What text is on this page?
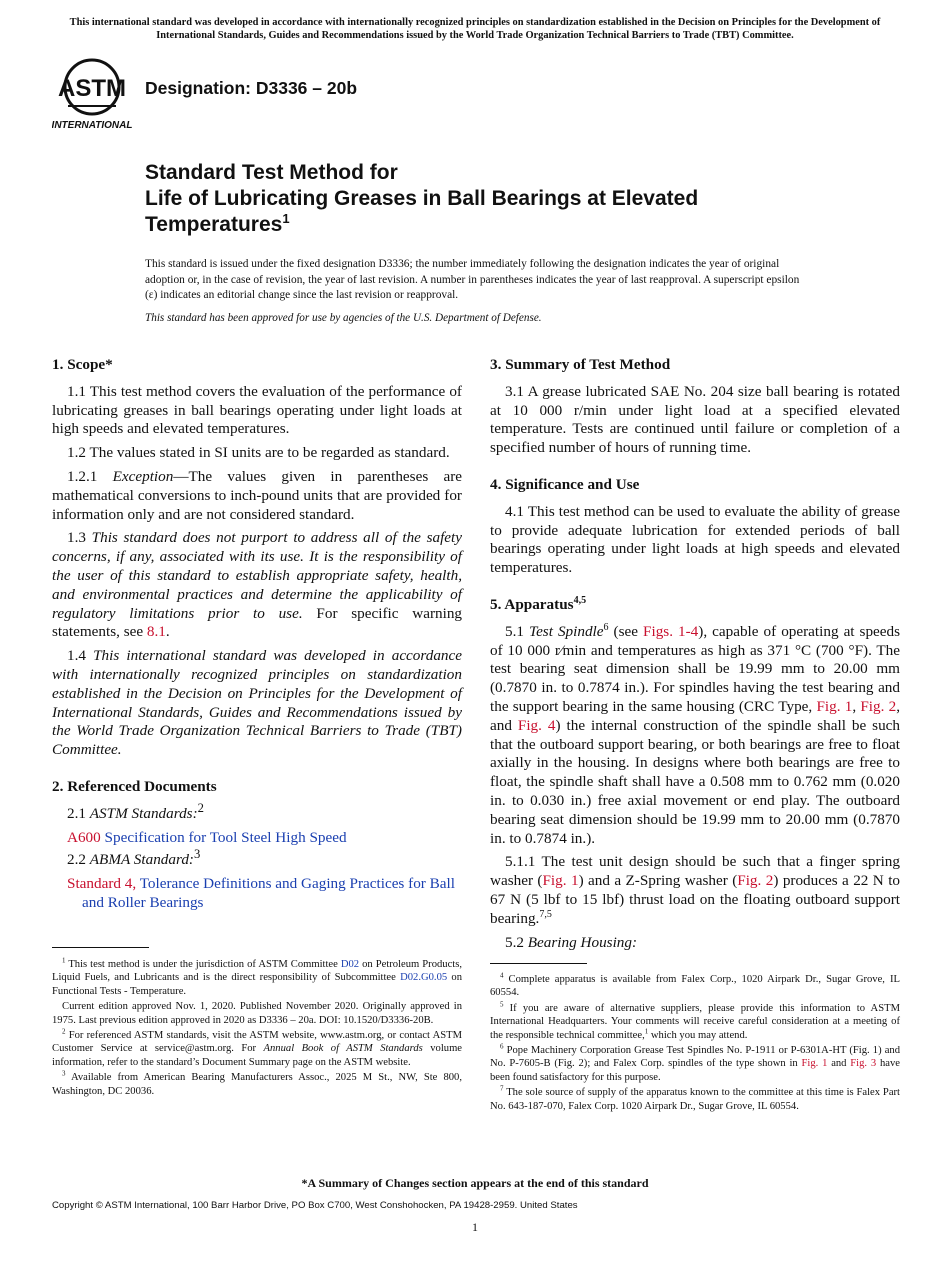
This international standard was developed in accordance with internationally recognized principles on standardization established in the Decision on Principles for the Development of International Standards, Guides and Recommendations issued by the World Trade Organization Technical Barriers to Trade (TBT) Committee.
ASTM
INTERNATIONAL
Designation: D3336 – 20b
Standard Test Method for
Life of Lubricating Greases in Ball Bearings at Elevated Temperatures$^1$
This standard is issued under the fixed designation D3336; the number immediately following the designation indicates the year of original adoption or, in the case of revision, the year of last revision. A number in parentheses indicates the year of last reapproval. A superscript epsilon (ε) indicates an editorial change since the last revision or reapproval.
This standard has been approved for use by agencies of the U.S. Department of Defense.
1. Scope*

1.1 This test method covers the evaluation of the performance of lubricating greases in ball bearings operating under light loads at high speeds and elevated temperatures.

1.2 The values stated in SI units are to be regarded as standard.

1.2.1 Exception—The values given in parentheses are mathematical conversions to inch-pound units that are provided for information only and are not considered standard.

1.3 This standard does not purport to address all of the safety concerns, if any, associated with its use. It is the responsibility of the user of this standard to establish appropriate safety, health, and environmental practices and determine the applicability of regulatory limitations prior to use. For specific warning statements, see 8.1.

1.4 This international standard was developed in accordance with internationally recognized principles on standardization established in the Decision on Principles for the Development of International Standards, Guides and Recommendations issued by the World Trade Organization Technical Barriers to Trade (TBT) Committee.

2. Referenced Documents

2.1 ASTM Standards:$^2$

A600 Specification for Tool Steel High Speed

2.2 ABMA Standard:$^3$

Standard 4, Tolerance Definitions and Gaging Practices for Ball and Roller Bearings

3. Summary of Test Method

3.1 A grease lubricated SAE No. 204 size ball bearing is rotated at 10 000 r/min under light load at a specified elevated temperature. Tests are continued until failure or completion of a specified number of hours of running time.

4. Significance and Use

4.1 This test method can be used to evaluate the ability of grease to provide adequate lubrication for extended periods of ball bearings operating under light loads at high speeds and elevated temperatures.

5. Apparatus$^{4,5}$

5.1 Test Spindle$^6$ (see Figs. 1-4), capable of operating at speeds of 10 000 r⁄min and temperatures as high as 371 °C (700 °F). The test bearing seat dimension shall be 19.99 mm to 20.00 mm (0.7870 in. to 0.7874 in.). For spindles having the test bearing and the support bearing in the same housing (CRC Type, Fig. 1, Fig. 2, and Fig. 4) the internal construction of the spindle shall be such that the outboard support bearing, or both bearings are free to float axially in the housing. In designs where both bearings are free to float, the spindle shaft shall have a 0.508 mm to 0.762 mm (0.020 in. to 0.030 in.) free axial movement or end play. The outboard bearing seat dimension should be 19.99 mm to 20.00 mm (0.7870 in. to 0.7874 in.).

5.1.1 The test unit design should be such that a finger spring washer (Fig. 1) and a Z-Spring washer (Fig. 2) produces a 22 N to 67 N (5 lbf to 15 lbf) thrust load on the floating outboard support bearing.$^{7,5}$

5.2 Bearing Housing:

$^1$ This test method is under the jurisdiction of ASTM Committee D02 on Petroleum Products, Liquid Fuels, and Lubricants and is the direct responsibility of Subcommittee D02.G0.05 on Functional Tests - Temperature.

Current edition approved Nov. 1, 2020. Published November 2020. Originally approved in 1975. Last previous edition approved in 2020 as D3336 – 20a. DOI: 10.1520/D3336-20B.

$^2$ For referenced ASTM standards, visit the ASTM website, www.astm.org, or contact ASTM Customer Service at service@astm.org. For Annual Book of ASTM Standards volume information, refer to the standard’s Document Summary page on the ASTM website.

$^3$ Available from American Bearing Manufacturers Assoc., 2025 M St., NW, Ste 800, Washington, DC 20036.

$^4$ Complete apparatus is available from Falex Corp., 1020 Airpark Dr., Sugar Grove, IL 60554.

$^5$ If you are aware of alternative suppliers, please provide this information to ASTM International Headquarters. Your comments will receive careful consideration at a meeting of the responsible technical committee,$^1$ which you may attend.

$^6$ Pope Machinery Corporation Grease Test Spindles No. P-1911 or P-6301A-HT (Fig. 1) and No. P-7605-B (Fig. 2); and Falex Corp. spindles of the type shown in Fig. 1 and Fig. 3 have been found satisfactory for this purpose.

$^7$ The sole source of supply of the apparatus known to the committee at this time is Falex Part No. 643-187-070, Falex Corp. 1020 Airpark Dr., Sugar Grove, IL 60554.

*A Summary of Changes section appears at the end of this standard
Copyright © ASTM International, 100 Barr Harbor Drive, PO Box C700, West Conshohocken, PA 19428-2959. United States
1
